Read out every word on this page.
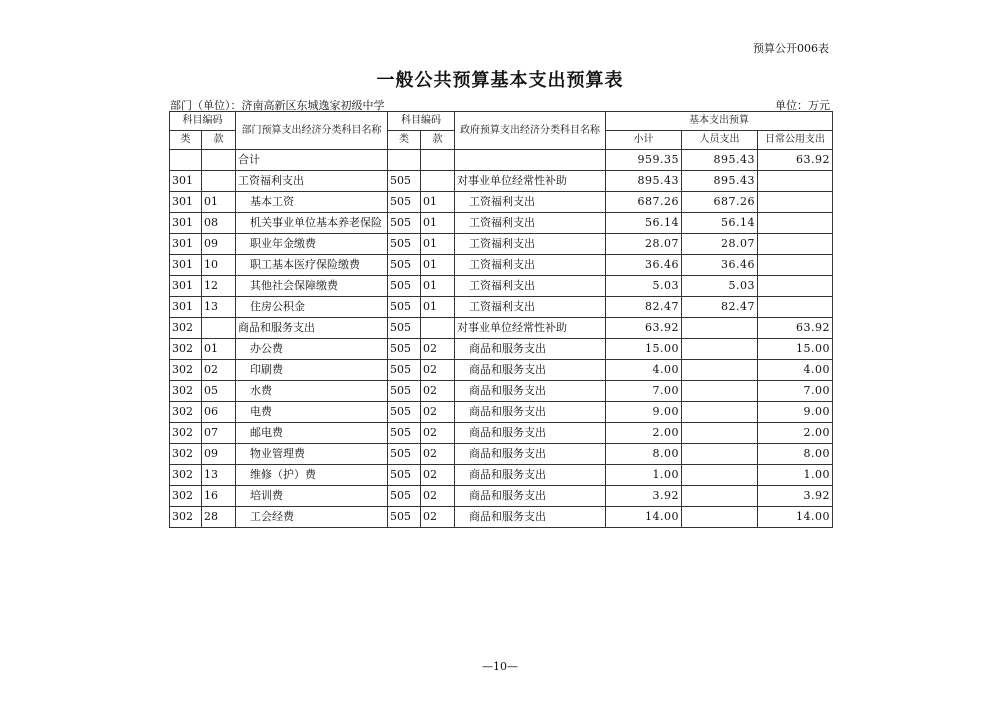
预算公开006表
一般公共预算基本支出预算表
部门（单位）：济南高新区东城逸家初级中学	单位：万元
科目编码		部门预算支出经济分类科目名称	科目编码		政府预算支出经济分类科目名称	基本支出预算		
类	款		类	款		小计	人员支出	日常公用支出
		合计				959.35	895.43	63.92
301		工资福利支出	505		对事业单位经常性补助	895.43	895.43	
301	01	基本工资	505	01	工资福利支出	687.26	687.26	
301	08	机关事业单位基本养老保险	505	01	工资福利支出	56.14	56.14	
301	09	职业年金缴费	505	01	工资福利支出	28.07	28.07	
301	10	职工基本医疗保险缴费	505	01	工资福利支出	36.46	36.46	
301	12	其他社会保障缴费	505	01	工资福利支出	5.03	5.03	
301	13	住房公积金	505	01	工资福利支出	82.47	82.47	
302		商品和服务支出	505		对事业单位经常性补助	63.92		63.92
302	01	办公费	505	02	商品和服务支出	15.00		15.00
302	02	印刷费	505	02	商品和服务支出	4.00		4.00
302	05	水费	505	02	商品和服务支出	7.00		7.00
302	06	电费	505	02	商品和服务支出	9.00		9.00
302	07	邮电费	505	02	商品和服务支出	2.00		2.00
302	09	物业管理费	505	02	商品和服务支出	8.00		8.00
302	13	维修（护）费	505	02	商品和服务支出	1.00		1.00
302	16	培训费	505	02	商品和服务支出	3.92		3.92
302	28	工会经费	505	02	商品和服务支出	14.00		14.00
—10—
